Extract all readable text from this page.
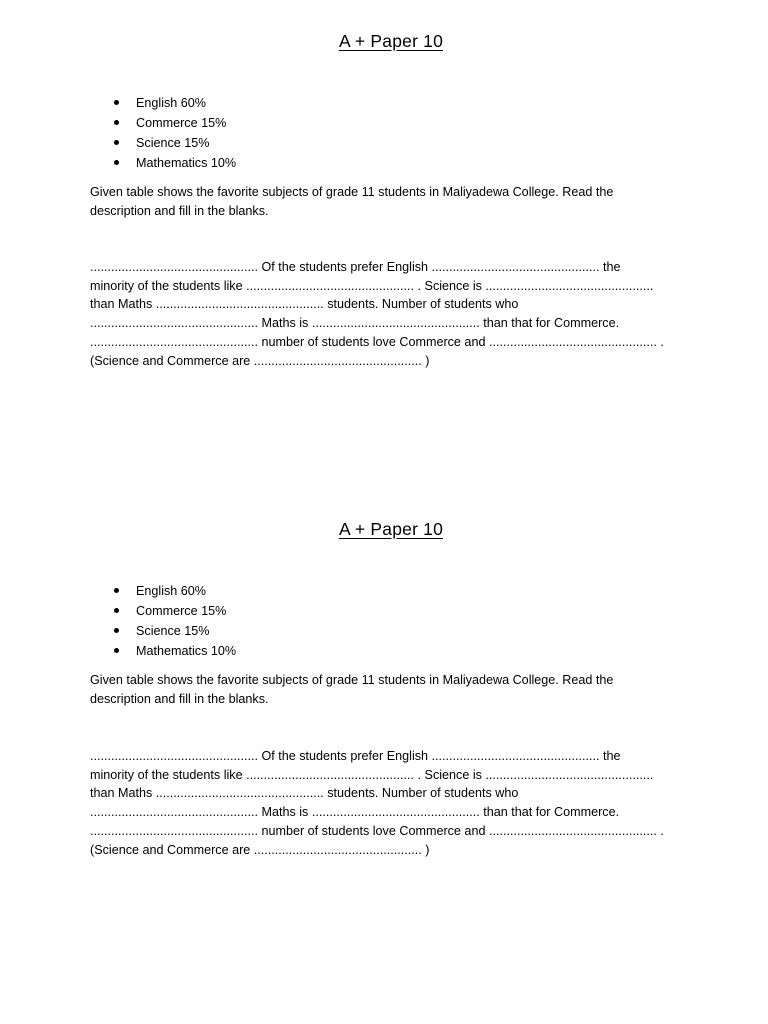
A + Paper 10
English 60%
Commerce 15%
Science 15%
Mathematics 10%

Given table shows the favorite subjects of grade 11 students in Maliyadewa College. Read the
description and fill in the blanks.

................................................ Of the students prefer English ................................................ the
minority of the students like ................................................ . Science is ................................................
than Maths ................................................ students. Number of students who
................................................ Maths is ................................................ than that for Commerce.
................................................ number of students love Commerce and ................................................ .
(Science and Commerce are ................................................ )

A + Paper 10
English 60%
Commerce 15%
Science 15%
Mathematics 10%

Given table shows the favorite subjects of grade 11 students in Maliyadewa College. Read the
description and fill in the blanks.

................................................ Of the students prefer English ................................................ the
minority of the students like ................................................ . Science is ................................................
than Maths ................................................ students. Number of students who
................................................ Maths is ................................................ than that for Commerce.
................................................ number of students love Commerce and ................................................ .
(Science and Commerce are ................................................ )
